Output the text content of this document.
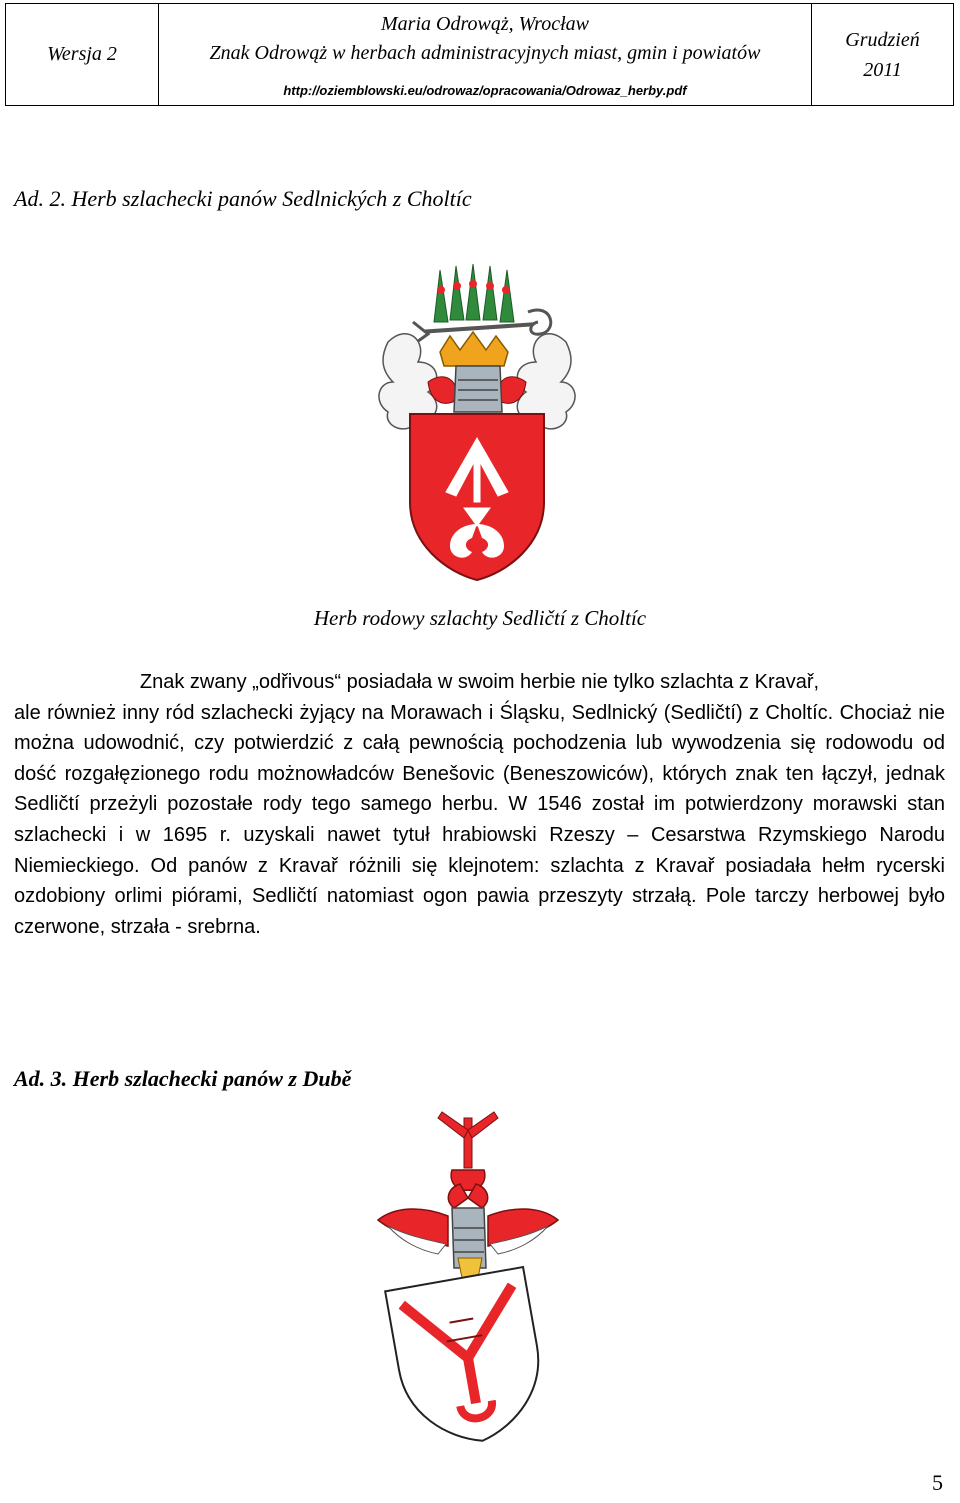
Wersja 2
Maria Odrowąż, Wrocław
Znak Odrowąż w herbach administracyjnych miast, gmin i powiatów
http://oziemblowski.eu/odrowaz/opracowania/Odrowaz_herby.pdf
Grudzień
2011
Ad. 2. Herb szlachecki panów Sedlnických z Choltíc
Herb rodowy szlachty Sedličtí z Choltíc

Znak zwany „odřivous“ posiadała w swoim herbie nie tylko szlachta z Kravař,
ale również inny ród szlachecki żyjący na Morawach i Śląsku, Sedlnický (Sedličtí) z Choltíc. Chociaż nie można udowodnić, czy potwierdzić z całą pewnością pochodzenia lub wywodzenia się rodowodu od dość rozgałęzionego rodu możnowładców Benešovic (Beneszowiców), których znak ten łączył, jednak Sedličtí przeżyli pozostałe rody tego samego herbu. W 1546 został im potwierdzony morawski stan szlachecki i w 1695 r. uzyskali nawet tytuł hrabiowski Rzeszy – Cesarstwa Rzymskiego Narodu Niemieckiego. Od panów z Kravař różnili się klejnotem: szlachta z Kravař posiadała hełm rycerski ozdobiony orlimi piórami, Sedličtí natomiast ogon pawia przeszyty strzałą. Pole tarczy herbowej było czerwone, strzała - srebrna.

Ad. 3. Herb szlachecki panów z Dubě
5
